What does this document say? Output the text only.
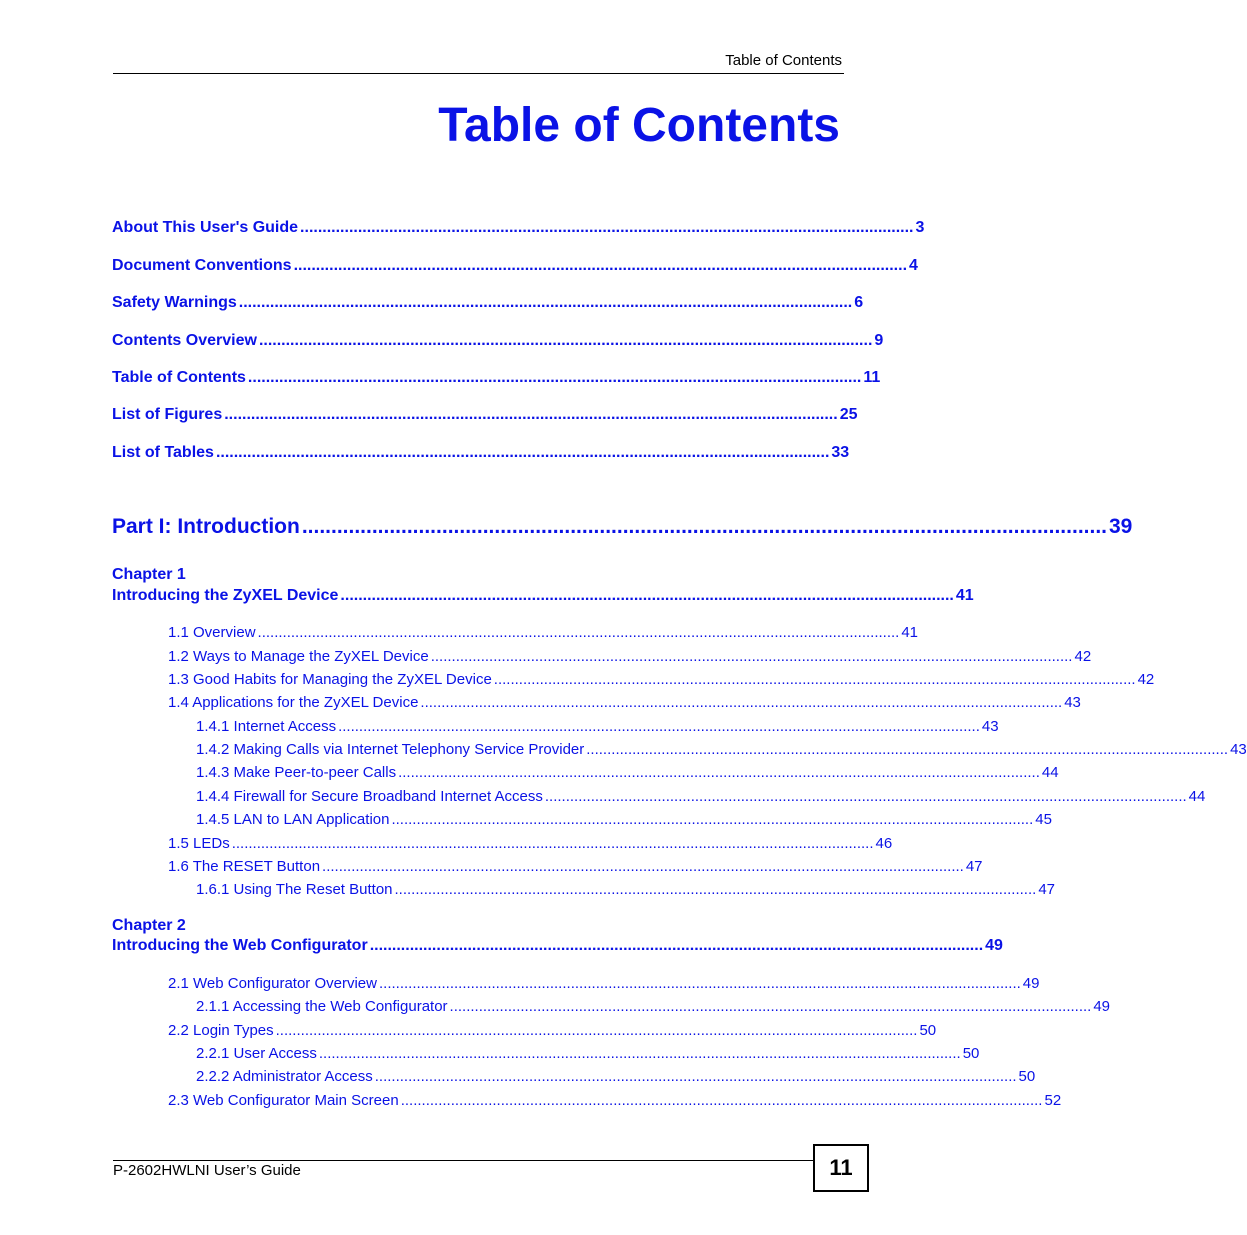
Table of Contents
Table of Contents
About This User's Guide .......................................................................................................................................... 3
Document Conventions .......................................................................................................................................... 4
Safety Warnings .......................................................................................................................................... 6
Contents Overview .......................................................................................................................................... 9
Table of Contents .......................................................................................................................................... 11
List of Figures .......................................................................................................................................... 25
List of Tables .......................................................................................................................................... 33
Part I: Introduction .......................................................................................................................................... 39
Chapter 1
Introducing the ZyXEL Device .......................................................................................................................................... 41
1.1 Overview .......................................................................................................................................................... 41
1.2 Ways to Manage the ZyXEL Device .......................................................................................................................................................... 42
1.3 Good Habits for Managing the ZyXEL Device .......................................................................................................................................................... 42
1.4 Applications for the ZyXEL Device .......................................................................................................................................................... 43
1.4.1 Internet Access .......................................................................................................................................................... 43
1.4.2 Making Calls via Internet Telephony Service Provider .......................................................................................................................................................... 43
1.4.3 Make Peer-to-peer Calls .......................................................................................................................................................... 44
1.4.4 Firewall for Secure Broadband Internet Access .......................................................................................................................................................... 44
1.4.5 LAN to LAN Application .......................................................................................................................................................... 45
1.5 LEDs .......................................................................................................................................................... 46
1.6 The RESET Button .......................................................................................................................................................... 47
1.6.1 Using The Reset Button .......................................................................................................................................................... 47
Chapter 2
Introducing the Web Configurator .......................................................................................................................................... 49
2.1 Web Configurator Overview .......................................................................................................................................................... 49
2.1.1 Accessing the Web Configurator .......................................................................................................................................................... 49
2.2 Login Types .......................................................................................................................................................... 50
2.2.1 User Access .......................................................................................................................................................... 50
2.2.2 Administrator Access .......................................................................................................................................................... 50
2.3 Web Configurator Main Screen .......................................................................................................................................................... 52
P-2602HWLNI User’s Guide	11
